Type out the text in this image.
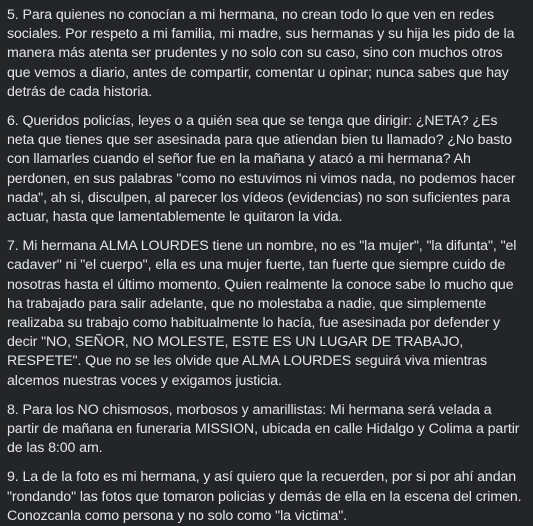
5. Para quienes no conocían a mi hermana, no crean todo lo que ven en redes sociales. Por respeto a mi familia, mi madre, sus hermanas y su hija les pido de la manera más atenta ser prudentes y no solo con su caso, sino con muchos otros que vemos a diario, antes de compartir, comentar u opinar; nunca sabes que hay detrás de cada historia.

6. Queridos policías, leyes o a quién sea que se tenga que dirigir: ¿NETA? ¿Es neta que tienes que ser asesinada para que atiendan bien tu llamado? ¿No basto con llamarles cuando el señor fue en la mañana y atacó a mi hermana? Ah perdonen, en sus palabras "como no estuvimos ni vimos nada, no podemos hacer nada", ah si, disculpen, al parecer los vídeos (evidencias) no son suficientes para actuar, hasta que lamentablemente le quitaron la vida.

7. Mi hermana ALMA LOURDES tiene un nombre, no es "la mujer", "la difunta", "el cadaver" ni "el cuerpo", ella es una mujer fuerte, tan fuerte que siempre cuido de nosotras hasta el último momento. Quien realmente la conoce sabe lo mucho que ha trabajado para salir adelante, que no molestaba a nadie, que simplemente realizaba su trabajo como habitualmente lo hacía, fue asesinada por defender y decir "NO, SEÑOR, NO MOLESTE, ESTE ES UN LUGAR DE TRABAJO, RESPETE". Que no se les olvide que ALMA LOURDES seguirá viva mientras alcemos nuestras voces y exigamos justicia.

8. Para los NO chismosos, morbosos y amarillistas: Mi hermana será velada a partir de mañana en funeraria MISSION, ubicada en calle Hidalgo y Colima a partir de las 8:00 am.

9. La de la foto es mi hermana, y así quiero que la recuerden, por si por ahí andan "rondando" las fotos que tomaron policias y demás de ella en la escena del crimen. Conozcanla como persona y no solo como "la victima".
